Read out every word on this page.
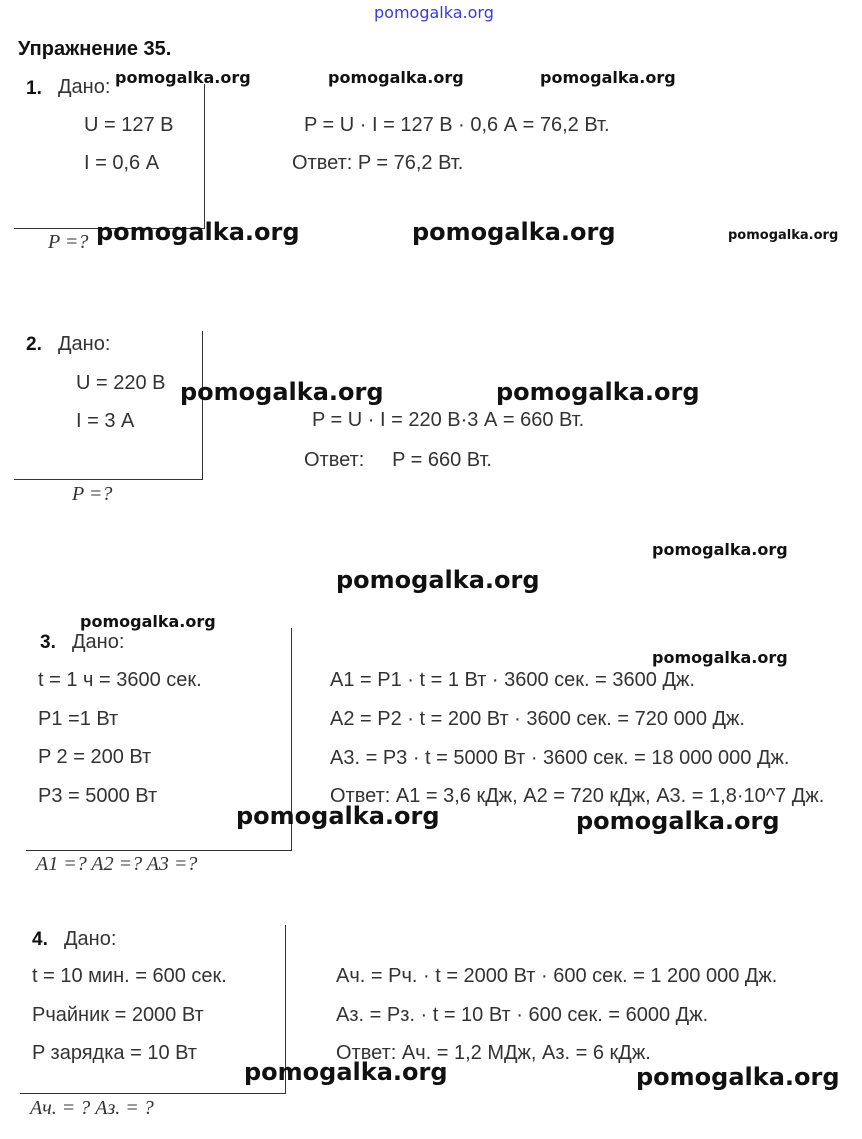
pomogalka.org
Упражнение 35.
1. Дано:
U = 127 В
I = 0,6 А
P =?
P = U · I = 127 В · 0,6 А = 76,2 Вт.
Ответ: P = 76,2 Вт.
2. Дано:
U = 220 В
I = 3 А
P =?
P = U · I = 220 В·3 А = 660 Вт.
Ответ:     P = 660 Вт.
3. Дано:
t = 1 ч = 3600 сек.
P1 =1 Вт
P 2 = 200 Вт
P3 = 5000 Вт
A1 =? A2 =? A3 =?
A1 = P1 · t = 1 Вт · 3600 сек. = 3600 Дж.
A2 = P2 · t = 200 Вт · 3600 сек. = 720 000 Дж.
A3. = P3 · t = 5000 Вт · 3600 сек. = 18 000 000 Дж.
Ответ: A1 = 3,6 кДж, A2 = 720 кДж, A3. = 1,8·10^7 Дж.
4. Дано:
t = 10 мин. = 600 сек.
Pчайник = 2000 Вт
P зарядка = 10 Вт
Aч. = ? Aз. = ?
Aч. = Pч. · t = 2000 Вт · 600 сек. = 1 200 000 Дж.
Aз. = Pз. · t = 10 Вт · 600 сек. = 6000 Дж.
Ответ: Aч. = 1,2 МДж, Aз. = 6 кДж.
pomogalka.org	pomogalka.org	pomogalka.org
pomogalka.org	pomogalka.org	pomogalka.org
pomogalka.org	pomogalka.org
pomogalka.org
pomogalka.org
pomogalka.org
pomogalka.org
pomogalka.org	pomogalka.org
pomogalka.org	pomogalka.org
